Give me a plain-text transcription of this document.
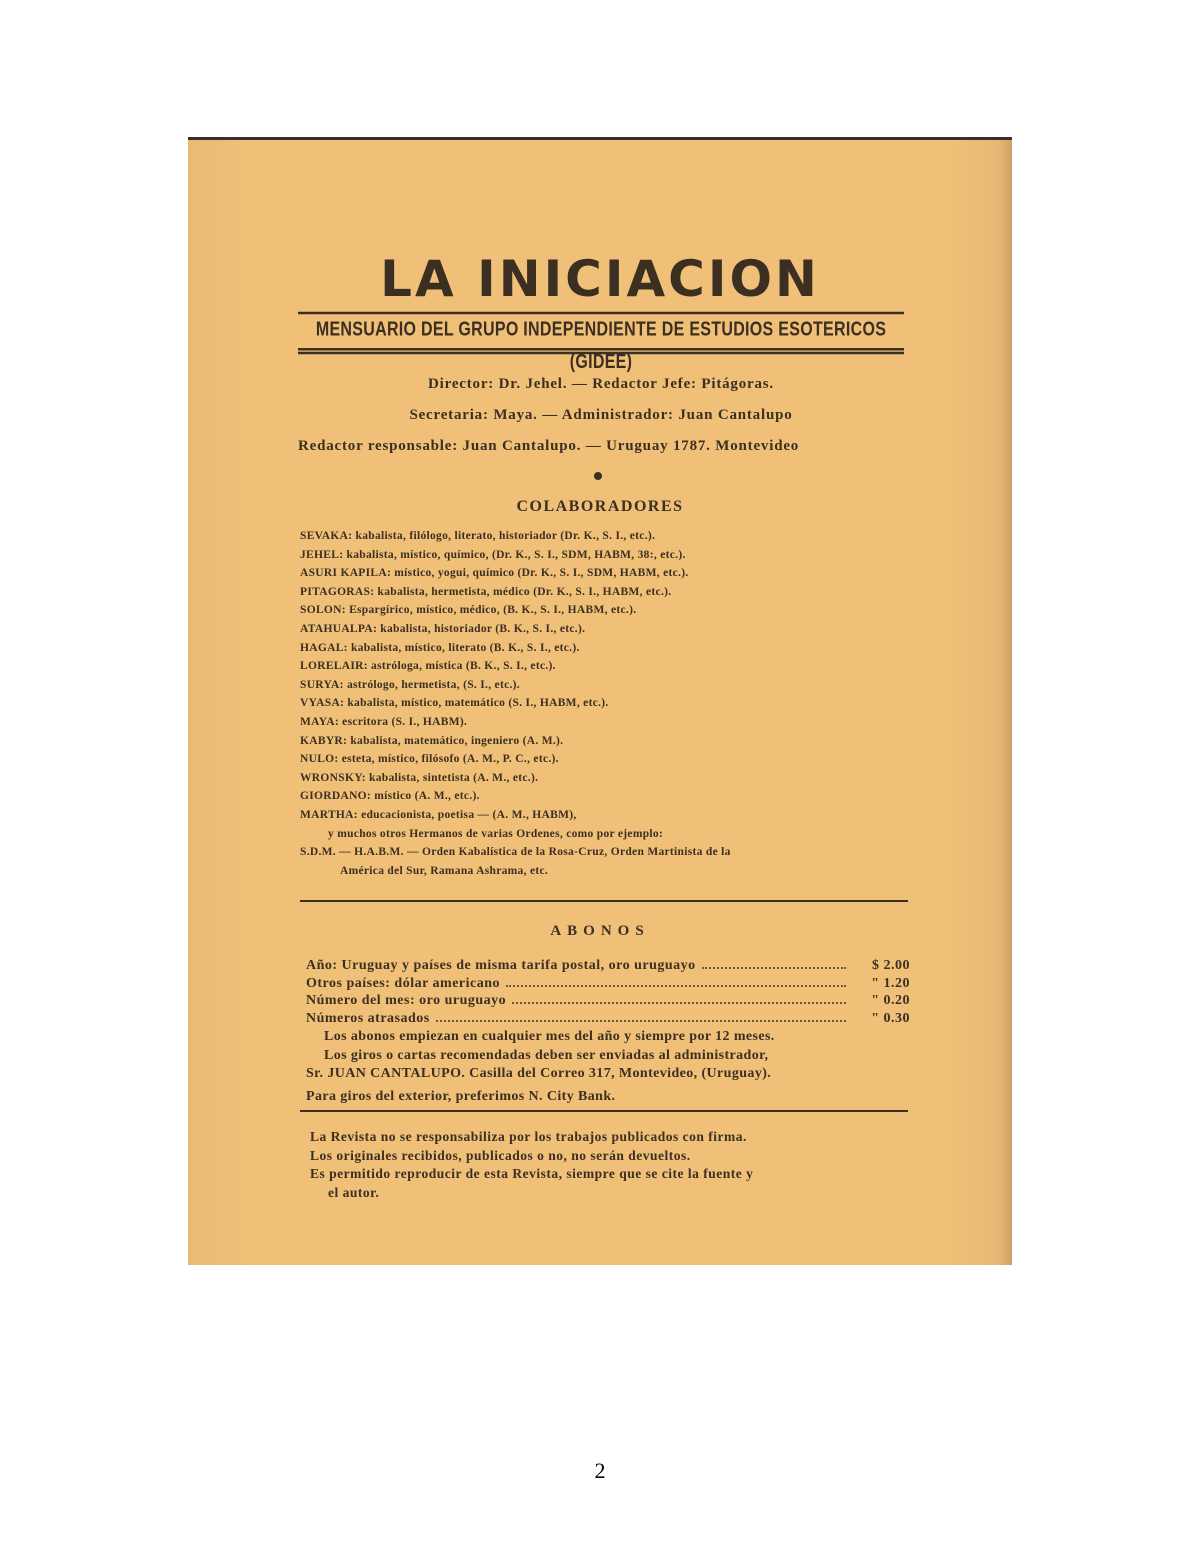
LA INICIACION
MENSUARIO DEL GRUPO INDEPENDIENTE DE ESTUDIOS ESOTERICOS (GIDEE)
Director: Dr. Jehel. — Redactor Jefe: Pitágoras.
Secretaria: Maya. — Administrador: Juan Cantalupo
Redactor responsable: Juan Cantalupo. — Uruguay 1787. Montevideo
COLABORADORES
SEVAKA: kabalista, filólogo, literato, historiador (Dr. K., S. I., etc.).
JEHEL: kabalista, místico, químico, (Dr. K., S. I., SDM, HABM, 38:, etc.).
ASURI KAPILA: místico, yogui, químico (Dr. K., S. I., SDM, HABM, etc.).
PITAGORAS: kabalista, hermetista, médico (Dr. K., S. I., HABM, etc.).
SOLON: Espargírico, místico, médico, (B. K., S. I., HABM, etc.).
ATAHUALPA: kabalista, historiador (B. K., S. I., etc.).
HAGAL: kabalista, místico, literato (B. K., S. I., etc.).
LORELAIR: astróloga, mística (B. K., S. I., etc.).
SURYA: astrólogo, hermetista, (S. I., etc.).
VYASA: kabalista, místico, matemático (S. I., HABM, etc.).
MAYA: escritora (S. I., HABM).
KABYR: kabalista, matemático, ingeniero (A. M.).
NULO: esteta, místico, filósofo (A. M., P. C., etc.).
WRONSKY: kabalista, sintetista (A. M., etc.).
GIORDANO: místico (A. M., etc.).
MARTHA: educacionista, poetisa — (A. M., HABM),
y muchos otros Hermanos de varias Ordenes, como por ejemplo:
S.D.M. — H.A.B.M. — Orden Kabalística de la Rosa-Cruz, Orden Martinista de la
América del Sur, Ramana Ashrama, etc.
ABONOS
Año: Uruguay y países de misma tarifa postal, oro uruguayo	$ 2.00
Otros países: dólar americano	" 1.20
Número del mes: oro uruguayo	" 0.20
Números atrasados	" 0.30
Los abonos empiezan en cualquier mes del año y siempre por 12 meses.
Los giros o cartas recomendadas deben ser enviadas al administrador,
Sr. JUAN CANTALUPO. Casilla del Correo 317, Montevideo, (Uruguay).
Para giros del exterior, preferimos N. City Bank.
La Revista no se responsabiliza por los trabajos publicados con firma.
Los originales recibidos, publicados o no, no serán devueltos.
Es permitido reproducir de esta Revista, siempre que se cite la fuente y
el autor.
2
